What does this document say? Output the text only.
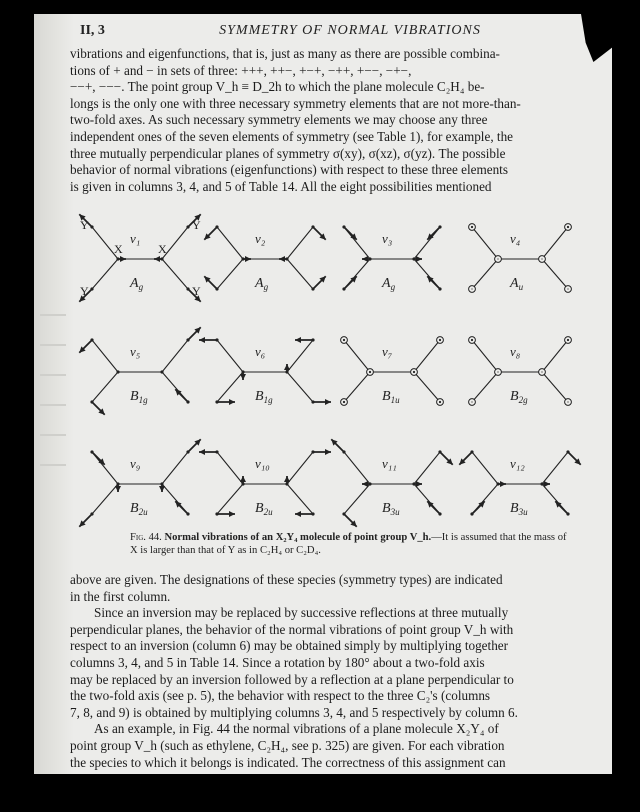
II, 3	SYMMETRY OF NORMAL VIBRATIONS
vibrations and eigenfunctions, that is, just as many as there are possible combina-
tions of + and − in sets of three: +++, ++−, +−+, −++, +−−, −+−,
−−+, −−−. The point group V_h ≡ D_2h to which the plane molecule C₂H₄ be-
longs is the only one with three necessary symmetry elements that are not more-than-
two-fold axes. As such necessary symmetry elements we may choose any three
independent ones of the seven elements of symmetry (see Table 1), for example, the
three mutually perpendicular planes of symmetry σ(xy), σ(xz), σ(yz). The possible
behavior of normal vibrations (eigenfunctions) with respect to these three elements
is given in columns 3, 4, and 5 of Table 14. All the eight possibilities mentioned
Y
Y
Y
Y
X	X
ν₁
$A_g$
ν₂
$A_g$
ν₃
$A_g$
ν₄
$A_u$
ν₅
$B_{1g}$
ν₆
$B_{1g}$
ν₇
$B_{1u}$
ν₈
$B_{2g}$
ν₉
$B_{2u}$
ν₁₀
$B_{2u}$
ν₁₁
$B_{3u}$
ν₁₂
$B_{3u}$
Fig. 44. Normal vibrations of an X₂Y₄ molecule of point group V_h.—It is assumed that the mass of X is larger than that of Y as in C₂H₄ or C₂D₄.
above are given. The designations of these species (symmetry types) are indicated
in the first column.
Since an inversion may be replaced by successive reflections at three mutually
perpendicular planes, the behavior of the normal vibrations of point group V_h with
respect to an inversion (column 6) may be obtained simply by multiplying together
columns 3, 4, and 5 in Table 14. Since a rotation by 180° about a two-fold axis
may be replaced by an inversion followed by a reflection at a plane perpendicular to
the two-fold axis (see p. 5), the behavior with respect to the three C₂'s (columns
7, 8, and 9) is obtained by multiplying columns 3, 4, and 5 respectively by column 6.
As an example, in Fig. 44 the normal vibrations of a plane molecule X₂Y₄ of
point group V_h (such as ethylene, C₂H₄, see p. 325) are given. For each vibration
the species to which it belongs is indicated. The correctness of this assignment can
